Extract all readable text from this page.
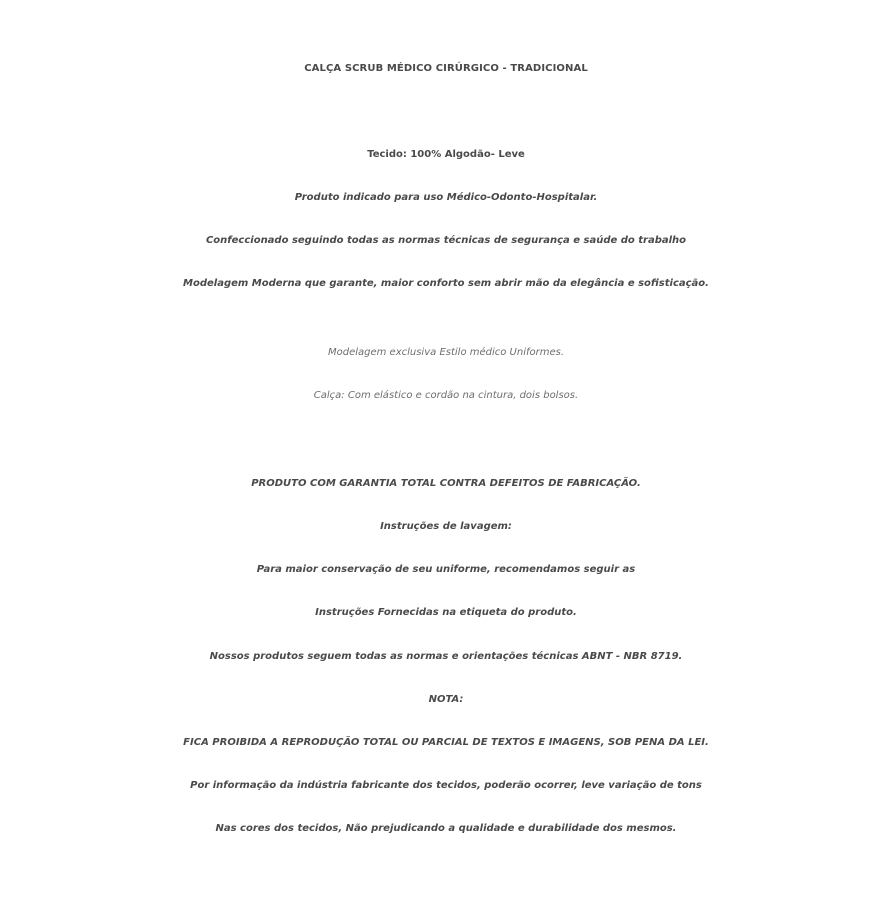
CALÇA SCRUB MÉDICO CIRÚRGICO - TRADICIONAL
Tecido: 100% Algodão- Leve
Produto indicado para uso Médico-Odonto-Hospitalar.
Confeccionado seguindo todas as normas técnicas de segurança e saúde do trabalho
Modelagem Moderna que garante, maior conforto sem abrir mão da elegância e sofisticação.
Modelagem exclusiva Estilo médico Uniformes.
Calça: Com elástico e cordão na cintura, dois bolsos.
PRODUTO COM GARANTIA TOTAL CONTRA DEFEITOS DE FABRICAÇÃO.
Instruções de lavagem:
Para maior conservação de seu uniforme, recomendamos seguir as
Instruções Fornecidas na etiqueta do produto.
Nossos produtos seguem todas as normas e orientações técnicas ABNT - NBR 8719.
NOTA:
FICA PROIBIDA A REPRODUÇÃO TOTAL OU PARCIAL DE TEXTOS E IMAGENS, SOB PENA DA LEI.
Por informação da indústria fabricante dos tecidos, poderão ocorrer, leve variação de tons
Nas cores dos tecidos, Não prejudicando a qualidade e durabilidade dos mesmos.
